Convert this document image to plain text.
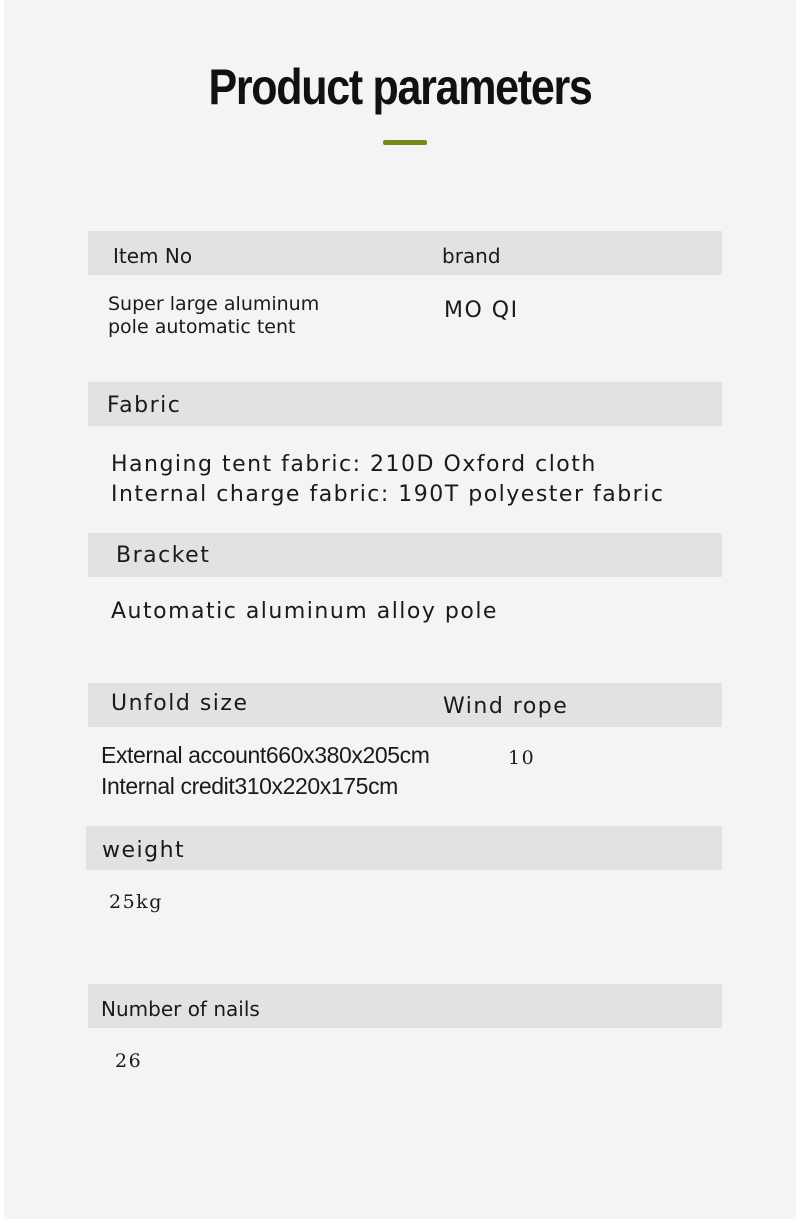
Product parameters
Item No	brand
Super large aluminum
pole automatic tent
MO QI
Fabric
Hanging tent fabric: 210D Oxford cloth
Internal charge fabric: 190T polyester fabric
Bracket
Automatic aluminum alloy pole
Unfold size	Wind rope
External account660x380x205cm
Internal credit310x220x175cm
10
weight
25kg
Number of nails
26
